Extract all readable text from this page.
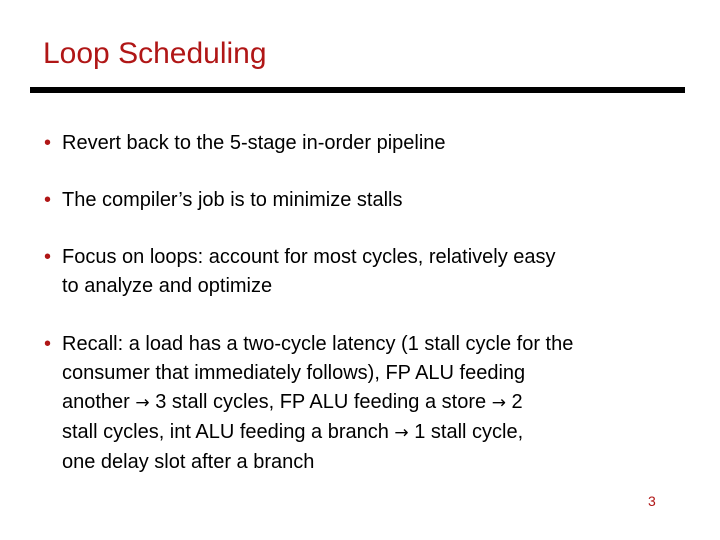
Loop Scheduling
• Revert back to the 5-stage in-order pipeline
• The compiler’s job is to minimize stalls
• Focus on loops: account for most cycles, relatively easy
to analyze and optimize
• Recall: a load has a two-cycle latency (1 stall cycle for the
consumer that immediately follows), FP ALU feeding
another → 3 stall cycles, FP ALU feeding a store → 2
stall cycles, int ALU feeding a branch → 1 stall cycle,
one delay slot after a branch
3
